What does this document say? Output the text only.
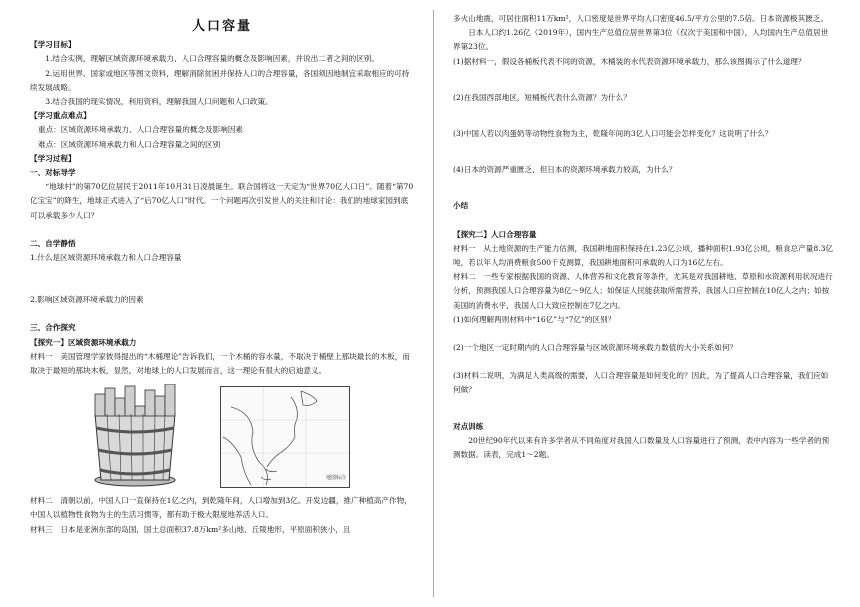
人口容量
【学习目标】
1.结合实例，理解区域资源环境承载力、人口合理容量的概念及影响因素，并说出二者之间的区别。
2.运用世界、国家或地区等图文资料，理解消除贫困并保持人口的合理容量，各国须因地制宜采取相应的可持续发展战略。
3.结合我国的现实情况，利用资料，理解我国人口问题和人口政策。
【学习重点难点】
重点：区域资源环境承载力、人口合理容量的概念及影响因素
难点：区域资源环境承载力和人口合理容量之间的区别
【学习过程】
一、对标导学
“地球村”的第70亿位居民于2011年10月31日凌晨诞生。联合国将这一天定为“世界70亿人口日”。随着“第70亿宝宝”的降生，地球正式进入了“后70亿人口”时代。一个问题再次引发世人的关注和讨论：我们的地球家园到底可以承载多少人口？
二、自学静悟
1.什么是区域资源环境承载力和人口合理容量
2.影响区域资源环境承载力的因素
三、合作探究
【探究一】区域资源环境承载力
材料一　美国管理学家彼得提出的“木桶理论”告诉我们，一个木桶的容水量，不取决于桶壁上那块最长的木板，而取决于最短的那块木板，显然，对地球上的人口发展而言，这一理论有很大的启迪意义。
地图标注
材料二　清朝以前，中国人口一直保持在1亿之内，到乾隆年间，人口增加到3亿。开发边疆，推广种植高产作物，中国人以植物性食物为主的生活习惯等，都有助于极大限度地养活人口。
材料三　日本是亚洲东部的岛国，国土总面积37.8万km²多山地、丘陵地形，平原面积狭小，且
多火山地震，可居住面积11万km²，人口密度是世界平均人口密度46.5/平方公里的7.5倍。日本资源极其匮乏。
日本人口约1.26亿（2019年），国内生产总值位居世界第3位（仅次于美国和中国），人均国内生产总值居世界第23位。
(1)据材料一，假设各桶板代表不同的资源，木桶装的水代表资源环境承载力，那么该图揭示了什么道理？
(2)在我国西部地区，短桶板代表什么资源？为什么？
(3)中国人若以肉蛋奶等动物性食物为主，乾隆年间的3亿人口可能会怎样变化？这说明了什么？
(4)日本的资源严重匮乏，但日本的资源环境承载力较高，为什么？
小结
【探究二】人口合理容量
材料一　从土地资源的生产能力估测，我国耕地面积保持在1.23亿公顷，播种面积1.93亿公顷，粮食总产量8.3亿吨，若以年人均消费粮食500千克测算，我国耕地面积可承载的人口为16亿左右。
材料二　一些专家根据我国的资源、人体营养和文化教育等条件，尤其是对我国耕地、草原和水资源利用状况进行分析，预测我国人口合理容量为8亿～9亿人；如保证人民能获取所需营养，我国人口应控制在10亿人之内；如按美国的消费水平，我国人口大致应控制在7亿之内。
(1)如何理解两则材料中“16亿”与“7亿”的区别？
(2)一个地区一定时期内的人口合理容量与区域资源环境承载力数值的大小关系如何？
(3)材料二说明，为满足人类高级的需要，人口合理容量是如何变化的？因此，为了提高人口合理容量，我们应如何做？
对点训练
20世纪90年代以来有许多学者从不同角度对我国人口数量及人口容量进行了预测，表中内容为一些学者的预测数据。读表，完成1～2题。
